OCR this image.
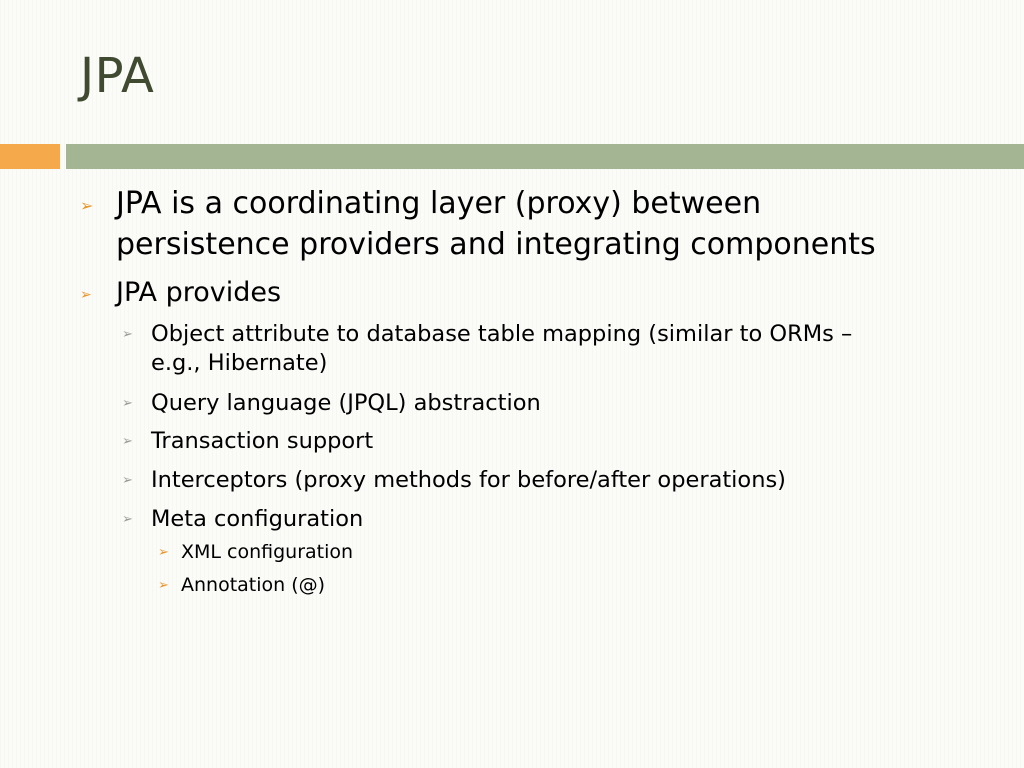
JPA
➢ JPA is a coordinating layer (proxy) between
persistence providers and integrating components
➢ JPA provides
➢ Object attribute to database table mapping (similar to ORMs –
e.g., Hibernate)
➢ Query language (JPQL) abstraction
➢ Transaction support
➢ Interceptors (proxy methods for before/after operations)
➢ Meta configuration
➢ XML configuration
➢ Annotation (@)
